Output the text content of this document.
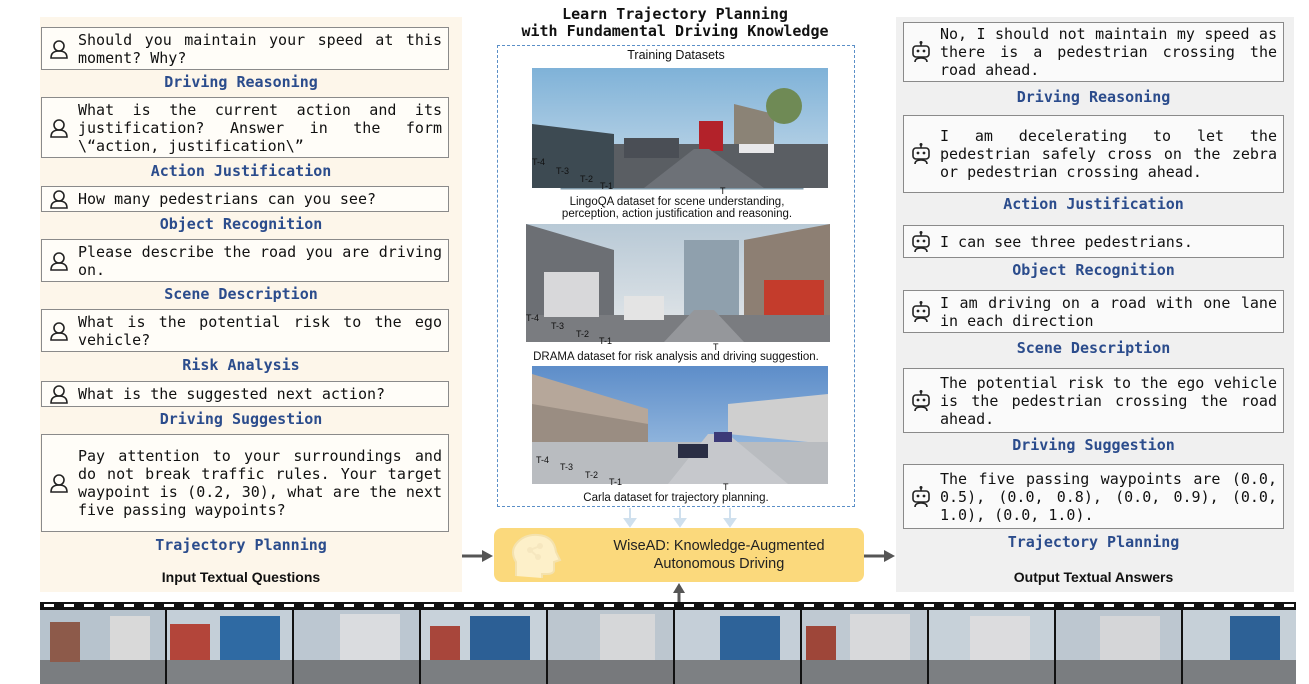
Should you maintain your speed at this moment? Why?
Driving Reasoning
What is the current action and its justification? Answer in the form \“action, justification\”
Action Justification
How many pedestrians can you see?
Object Recognition
Please describe the road you are driving on.
Scene Description
What is the potential risk to the ego vehicle?
Risk Analysis
What is the suggested next action?
Driving Suggestion
Pay attention to your surroundings and do not break traffic rules. Your target waypoint is (0.2, 30), what are the next five passing waypoints?
Trajectory Planning
Input Textual Questions
No, I should not maintain my speed as there is a pedestrian crossing the road ahead.
Driving Reasoning
I am decelerating to let the pedestrian safely cross on the zebra or pedestrian crossing ahead.
Action Justification
I can see three pedestrians.
Object Recognition
I am driving on a road with one lane in each direction
Scene Description
The potential risk to the ego vehicle is the pedestrian crossing the road ahead.
Driving Suggestion
The five passing waypoints are (0.0, 0.5), (0.0, 0.8), (0.0, 0.9), (0.0, 1.0), (0.0, 1.0).
Trajectory Planning
Output Textual Answers
Learn Trajectory Planning
with Fundamental Driving Knowledge
Training Datasets
T-4
T-3
T-2
T-1	T
LingoQA dataset for scene understanding,
perception, action justification and reasoning.
T-4
T-3
T-2
T-1
T
DRAMA dataset for risk analysis and driving suggestion.
T-4
T-3
T-2
T-1	T
Carla dataset for trajectory planning.
WiseAD: Knowledge-Augmented
Autonomous Driving
